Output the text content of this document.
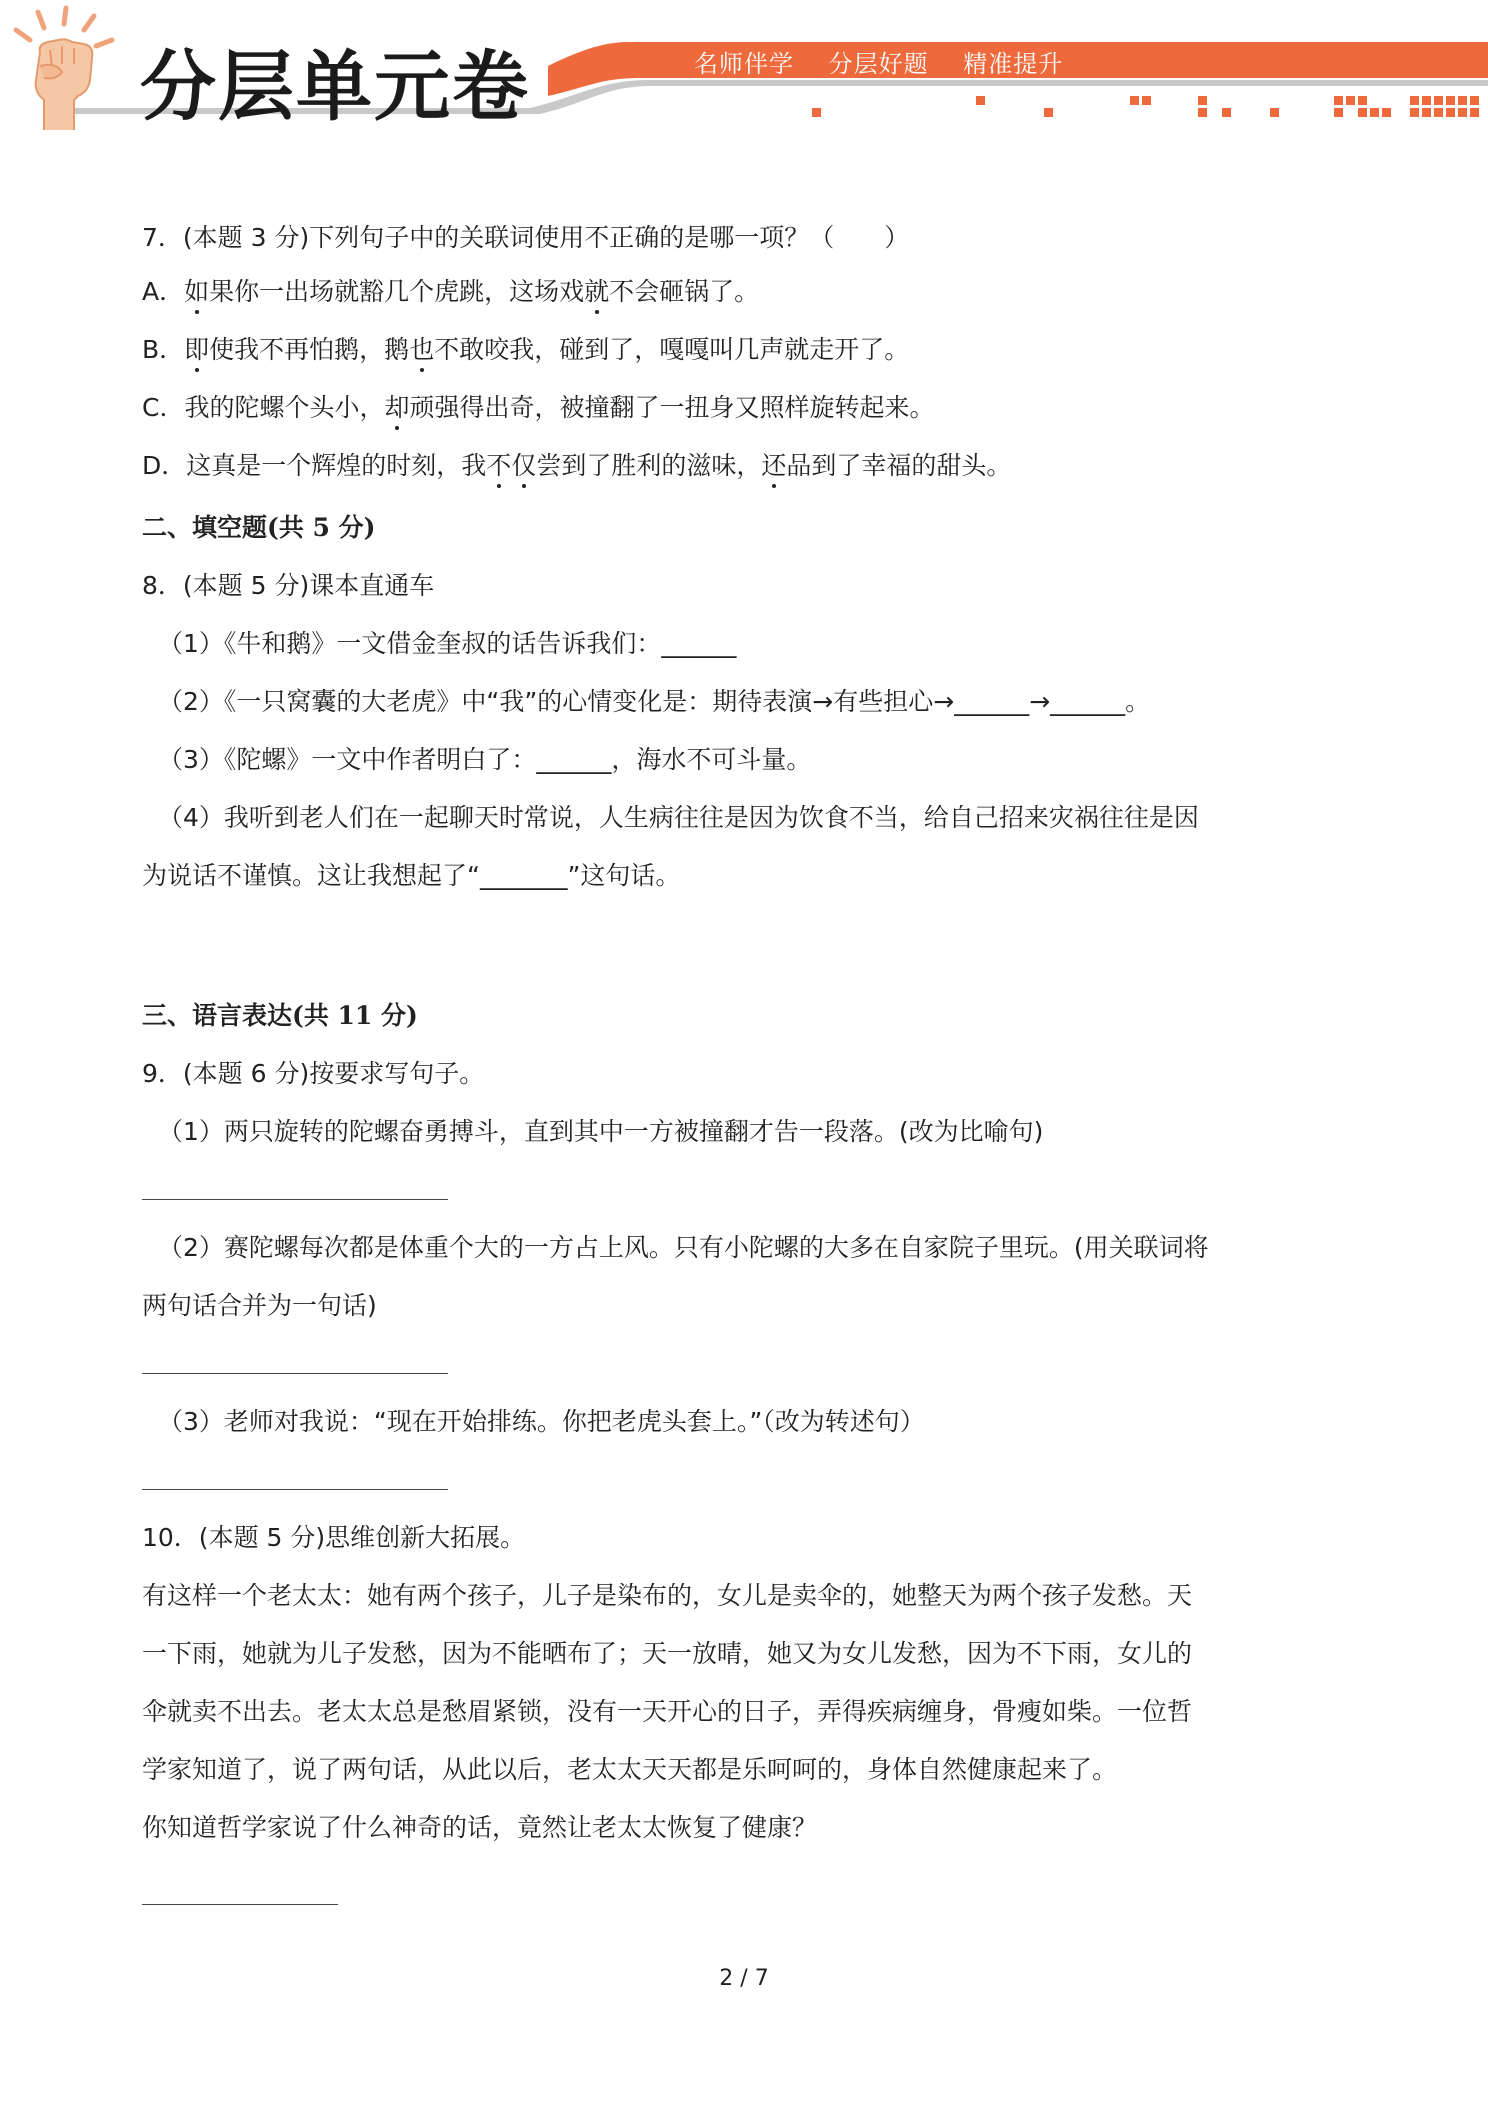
分层单元卷	名师伴学 分层好题 精准提升
7．(本题 3 分)下列句子中的关联词使用不正确的是哪一项？（　　）
A．如果你一出场就豁几个虎跳，这场戏就不会砸锅了。
B．即使我不再怕鹅，鹅也不敢咬我，碰到了，嘎嘎叫几声就走开了。
C．我的陀螺个头小，却顽强得出奇，被撞翻了一扭身又照样旋转起来。
D．这真是一个辉煌的时刻，我不仅尝到了胜利的滋味，还品到了幸福的甜头。
二、填空题(共 5 分)
8．(本题 5 分)课本直通车
（1）《牛和鹅》一文借金奎叔的话告诉我们：______
（2）《一只窝囊的大老虎》中“我”的心情变化是：期待表演→有些担心→______→______。
（3）《陀螺》一文中作者明白了：______，海水不可斗量。
（4）我听到老人们在一起聊天时常说，人生病往往是因为饮食不当，给自己招来灾祸往往是因
为说话不谨慎。这让我想起了“_______”这句话。
三、语言表达(共 11 分)
9．(本题 6 分)按要求写句子。
（1）两只旋转的陀螺奋勇搏斗，直到其中一方被撞翻才告一段落。(改为比喻句)
（2）赛陀螺每次都是体重个大的一方占上风。只有小陀螺的大多在自家院子里玩。(用关联词将
两句话合并为一句话)
（3）老师对我说：“现在开始排练。你把老虎头套上。”（改为转述句）
10．(本题 5 分)思维创新大拓展。
有这样一个老太太：她有两个孩子，儿子是染布的，女儿是卖伞的，她整天为两个孩子发愁。天
一下雨，她就为儿子发愁，因为不能晒布了；天一放晴，她又为女儿发愁，因为不下雨，女儿的
伞就卖不出去。老太太总是愁眉紧锁，没有一天开心的日子，弄得疾病缠身，骨瘦如柴。一位哲
学家知道了，说了两句话，从此以后，老太太天天都是乐呵呵的，身体自然健康起来了。
你知道哲学家说了什么神奇的话，竟然让老太太恢复了健康？
2 / 7
